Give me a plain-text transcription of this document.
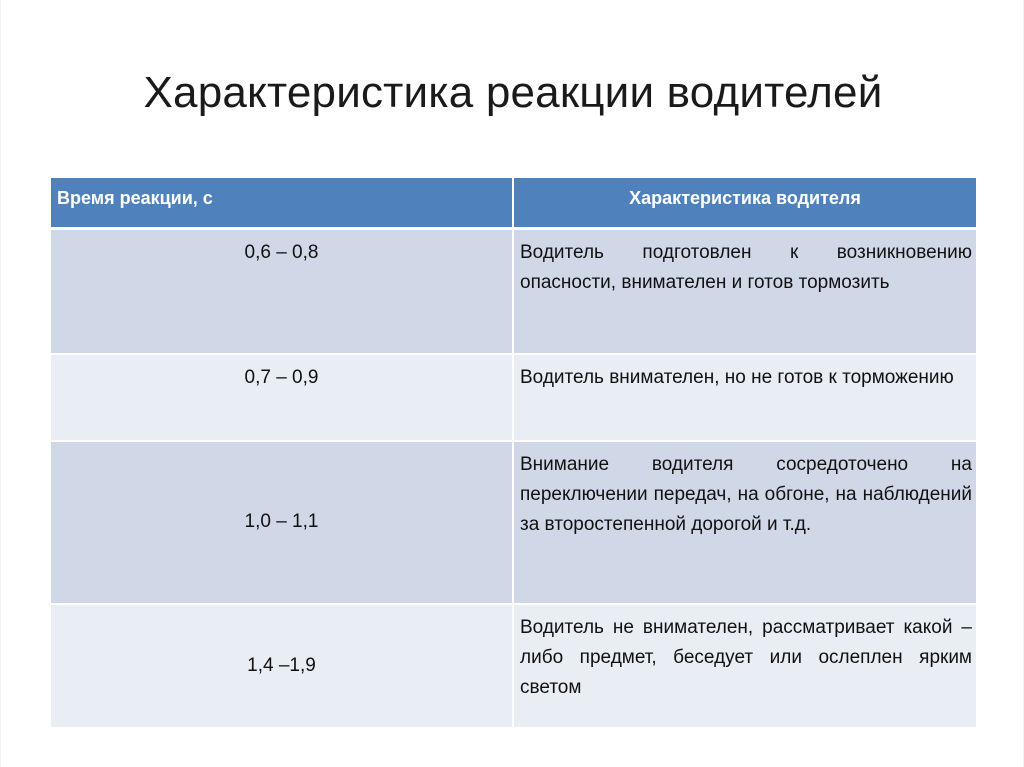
Характеристика реакции водителей
Время реакции, с	Характеристика водителя
0,6 – 0,8	Водитель подготовлен к возникновению опасности, внимателен и готов тормозить
0,7 – 0,9	Водитель внимателен, но не готов к торможению
1,0 – 1,1	Внимание водителя сосредоточено на переключении передач, на обгоне, на наблюдений за второстепенной дорогой и т.д.
1,4 –1,9	Водитель не внимателен, рассматривает какой – либо предмет, беседует или ослеплен ярким светом
